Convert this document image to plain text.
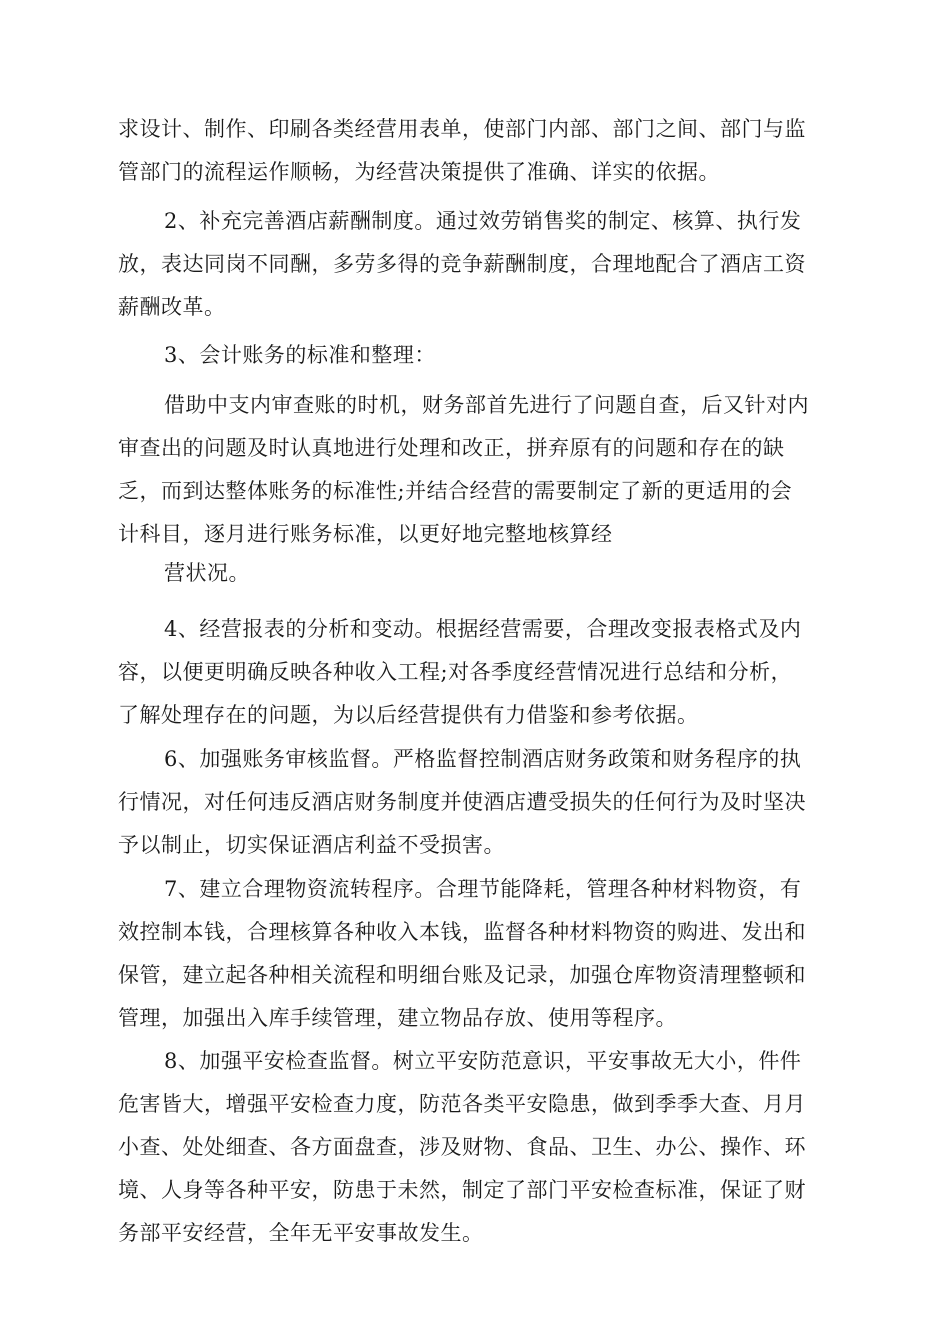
求设计、制作、印刷各类经营用表单，使部门内部、部门之间、部门与监
管部门的流程运作顺畅，为经营决策提供了准确、详实的依据。

2、补充完善酒店薪酬制度。通过效劳销售奖的制定、核算、执行发
放，表达同岗不同酬，多劳多得的竞争薪酬制度，合理地配合了酒店工资
薪酬改革。

3、会计账务的标准和整理：

借助中支内审查账的时机，财务部首先进行了问题自查，后又针对内
审查出的问题及时认真地进行处理和改正，拼弃原有的问题和存在的缺
乏，而到达整体账务的标准性;并结合经营的需要制定了新的更适用的会
计科目，逐月进行账务标准，以更好地完整地核算经

营状况。

4、经营报表的分析和变动。根据经营需要，合理改变报表格式及内
容，以便更明确反映各种收入工程;对各季度经营情况进行总结和分析，
了解处理存在的问题，为以后经营提供有力借鉴和参考依据。

6、加强账务审核监督。严格监督控制酒店财务政策和财务程序的执
行情况，对任何违反酒店财务制度并使酒店遭受损失的任何行为及时坚决
予以制止，切实保证酒店利益不受损害。

7、建立合理物资流转程序。合理节能降耗，管理各种材料物资，有
效控制本钱，合理核算各种收入本钱，监督各种材料物资的购进、发出和
保管，建立起各种相关流程和明细台账及记录，加强仓库物资清理整顿和
管理，加强出入库手续管理，建立物品存放、使用等程序。

8、加强平安检查监督。树立平安防范意识，平安事故无大小，件件
危害皆大，增强平安检查力度，防范各类平安隐患，做到季季大查、月月
小查、处处细查、各方面盘查，涉及财物、食品、卫生、办公、操作、环
境、人身等各种平安，防患于未然，制定了部门平安检查标准，保证了财
务部平安经营，全年无平安事故发生。
